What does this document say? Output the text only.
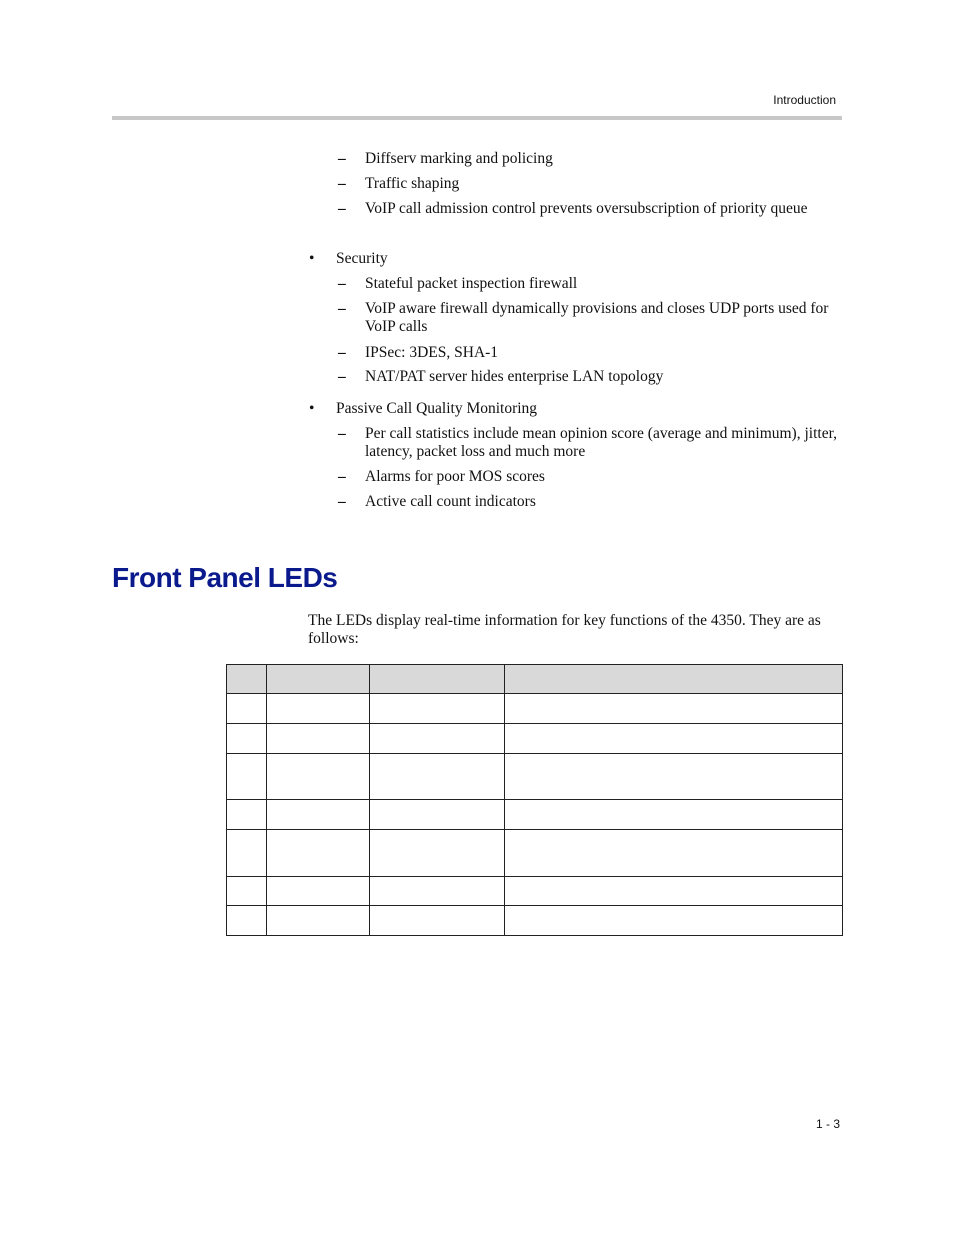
Introduction
– Diffserv marking and policing
– Traffic shaping
– VoIP call admission control prevents oversubscription of priority queue
• Security
– Stateful packet inspection firewall
– VoIP aware firewall dynamically provisions and closes UDP ports used for VoIP calls
– IPSec: 3DES, SHA-1
– NAT/PAT server hides enterprise LAN topology
• Passive Call Quality Monitoring
– Per call statistics include mean opinion score (average and minimum), jitter, latency, packet loss and much more
– Alarms for poor MOS scores
– Active call count indicators
Front Panel LEDs

The LEDs display real-time information for key functions of the 4350. They are as follows:

1 - 3
